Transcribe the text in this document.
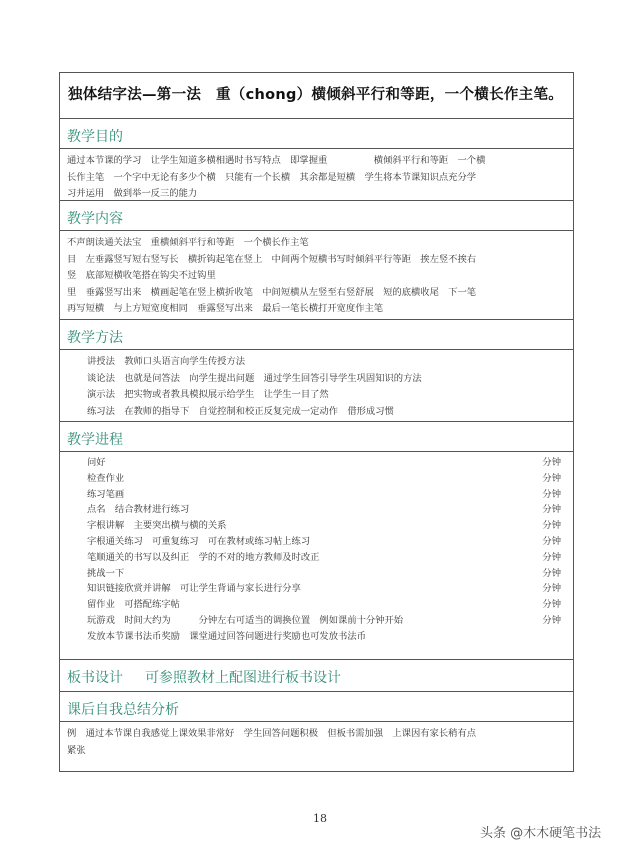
独体结字法—第一法　重（chong）横倾斜平行和等距，一个横长作主笔。
教学目的

通过本节课的学习　让学生知道多横相遇时书写特点　即掌握重　　　　　横倾斜平行和等距　一个横

长作主笔　一个字中无论有多少个横　只能有一个长横　其余都是短横　学生将本节课知识点充分学

习并运用　做到举一反三的能力

教学内容

不声朗读通关法宝　重横倾斜平行和等距　一个横长作主笔

目　左垂露竖写短右竖写长　横折钩起笔在竖上　中间两个短横书写时倾斜平行等距　挨左竖不挨右

竖　底部短横收笔搭在钩尖不过钩里

里　垂露竖写出来　横画起笔在竖上横折收笔　中间短横从左竖至右竖舒展　短的底横收尾　下一笔

再写短横　与上方短宽度相同　垂露竖写出来　最后一笔长横打开宽度作主笔

教学方法

讲授法　教师口头语言向学生传授方法

谈论法　也就是问答法　向学生提出问题　通过学生回答引导学生巩固知识的方法

演示法　把实物或者教具模拟展示给学生　让学生一目了然

练习法　在教师的指导下　自觉控制和校正反复完成一定动作　借形成习惯

教学进程
问好	分钟
检查作业	分钟
练习笔画	分钟
点名　结合教材进行练习	分钟
字根讲解　主要突出横与横的关系	分钟
字根通关练习　可重复练习　可在教材或练习帖上练习	分钟
笔顺通关的书写以及纠正　学的不对的地方教师及时改正	分钟
挑战一下	分钟
知识链接欣赏并讲解　可让学生背诵与家长进行分享	分钟
留作业　可搭配练字帖	分钟
玩游戏　时间大约为　　　分钟左右可适当的调换位置　例如课前十分钟开始	分钟
发放本节课书法币奖励　课堂通过回答问题进行奖励也可发放书法币
板书设计 可参照教材上配图进行板书设计
课后自我总结分析

例　通过本节课自我感觉上课效果非常好　学生回答问题积极　但板书需加强　上课因有家长稍有点

紧张

18
头条 @木木硬笔书法
